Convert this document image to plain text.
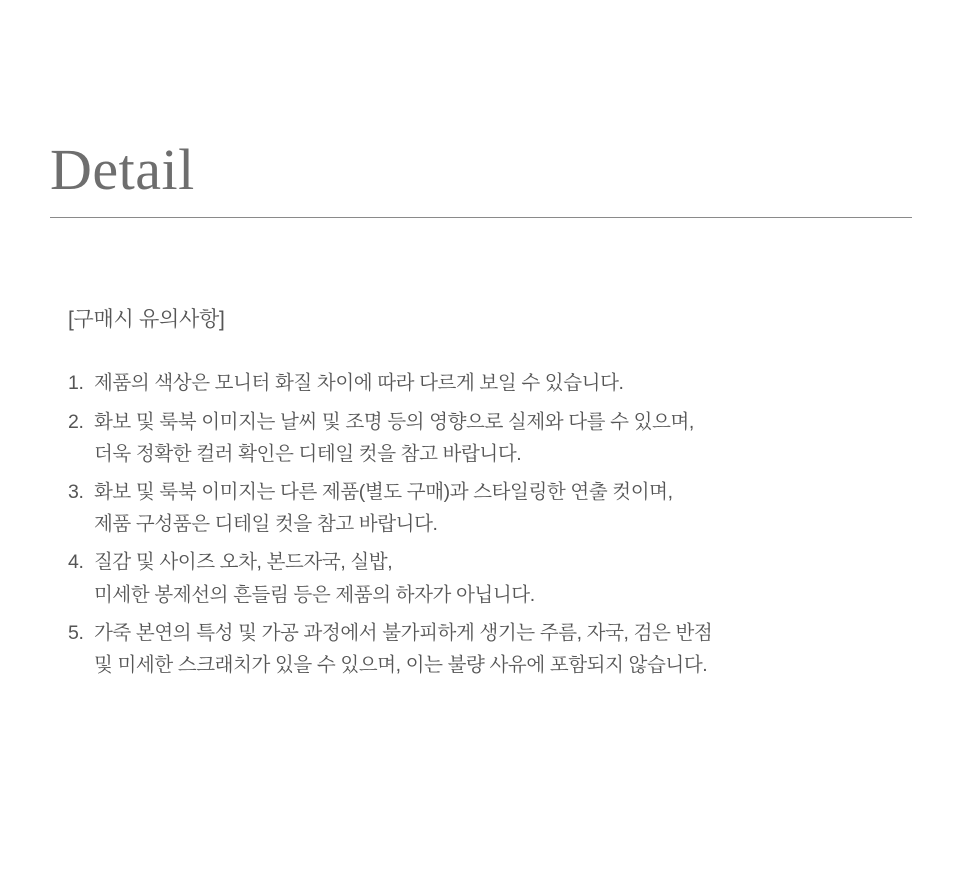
Detail

[구매시 유의사항]

1. 제품의 색상은 모니터 화질 차이에 따라 다르게 보일 수 있습니다.
2. 화보 및 룩북 이미지는 날씨 및 조명 등의 영향으로 실제와 다를 수 있으며,
더욱 정확한 컬러 확인은 디테일 컷을 참고 바랍니다.
3. 화보 및 룩북 이미지는 다른 제품(별도 구매)과 스타일링한 연출 컷이며,
제품 구성품은 디테일 컷을 참고 바랍니다.
4. 질감 및 사이즈 오차, 본드자국, 실밥,
미세한 봉제선의 흔들림 등은 제품의 하자가 아닙니다.
5. 가죽 본연의 특성 및 가공 과정에서 불가피하게 생기는 주름, 자국, 검은 반점
및 미세한 스크래치가 있을 수 있으며, 이는 불량 사유에 포함되지 않습니다.
